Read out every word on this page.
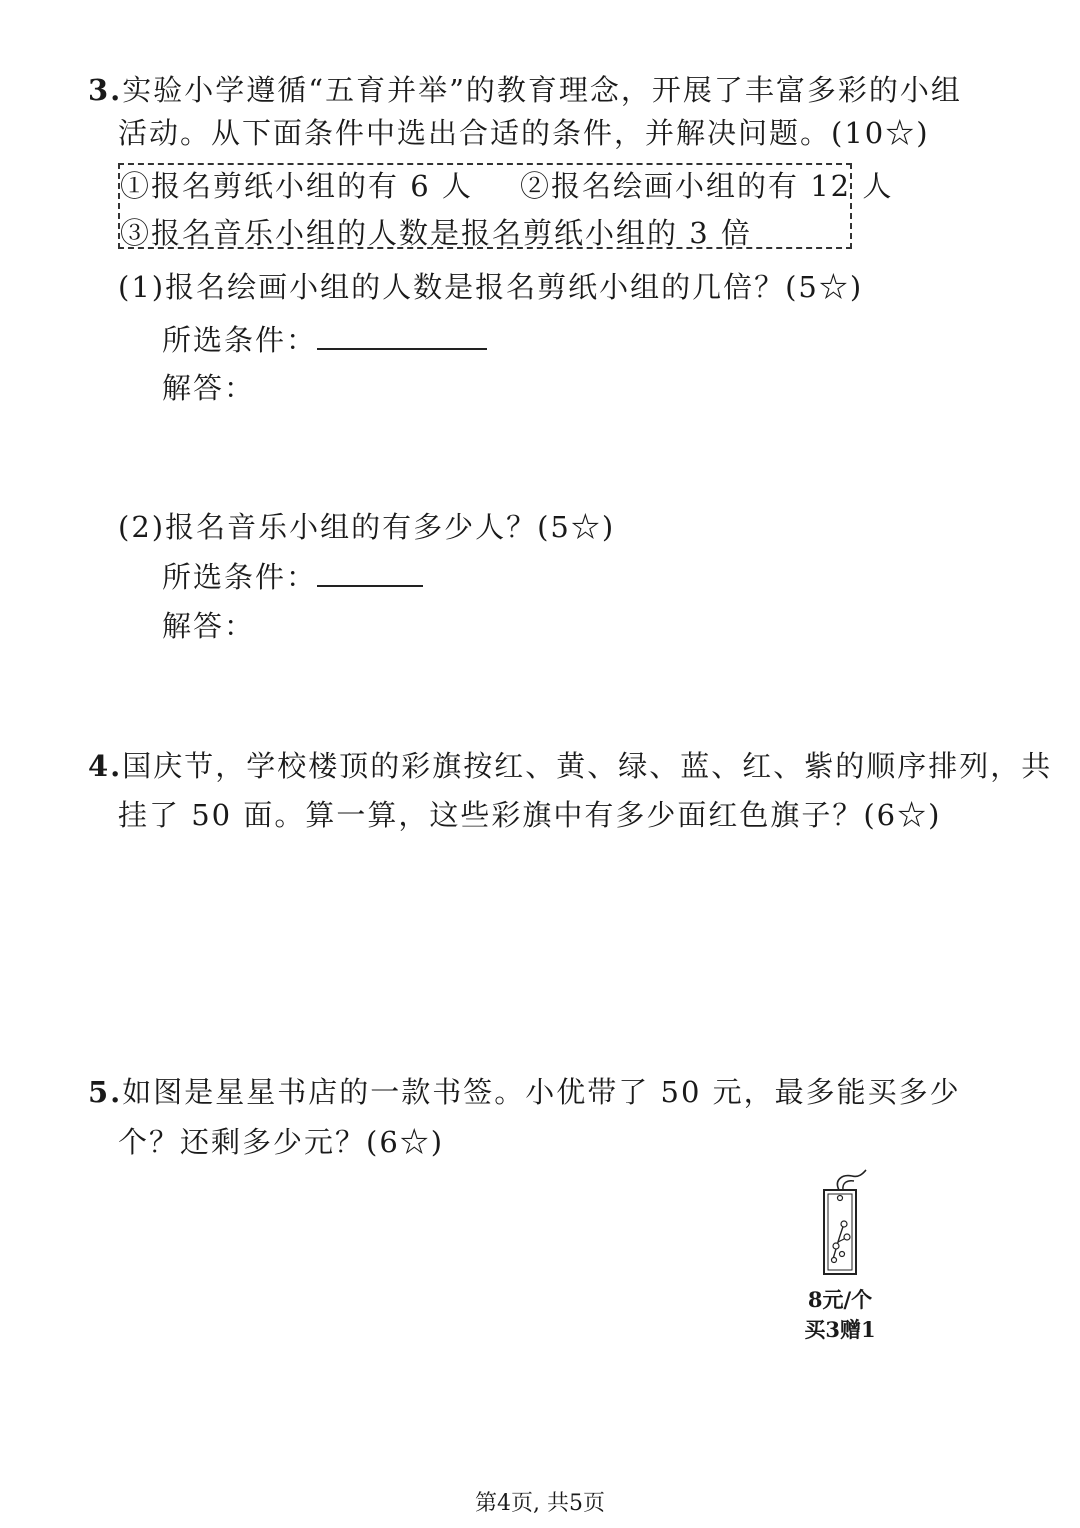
3.实验小学遵循“五育并举”的教育理念，开展了丰富多彩的小组
活动。从下面条件中选出合适的条件，并解决问题。(10☆)
①报名剪纸小组的有 6 人 ②报名绘画小组的有 12 人
③报名音乐小组的人数是报名剪纸小组的 3 倍
(1)报名绘画小组的人数是报名剪纸小组的几倍？(5☆)
所选条件：
解答：
(2)报名音乐小组的有多少人？(5☆)
所选条件：
解答：
4.国庆节，学校楼顶的彩旗按红、黄、绿、蓝、红、紫的顺序排列，共
挂了 50 面。算一算，这些彩旗中有多少面红色旗子？(6☆)
5.如图是星星书店的一款书签。小优带了 50 元，最多能买多少
个？还剩多少元？(6☆)
8元/个
买3赠1
第4页, 共5页
